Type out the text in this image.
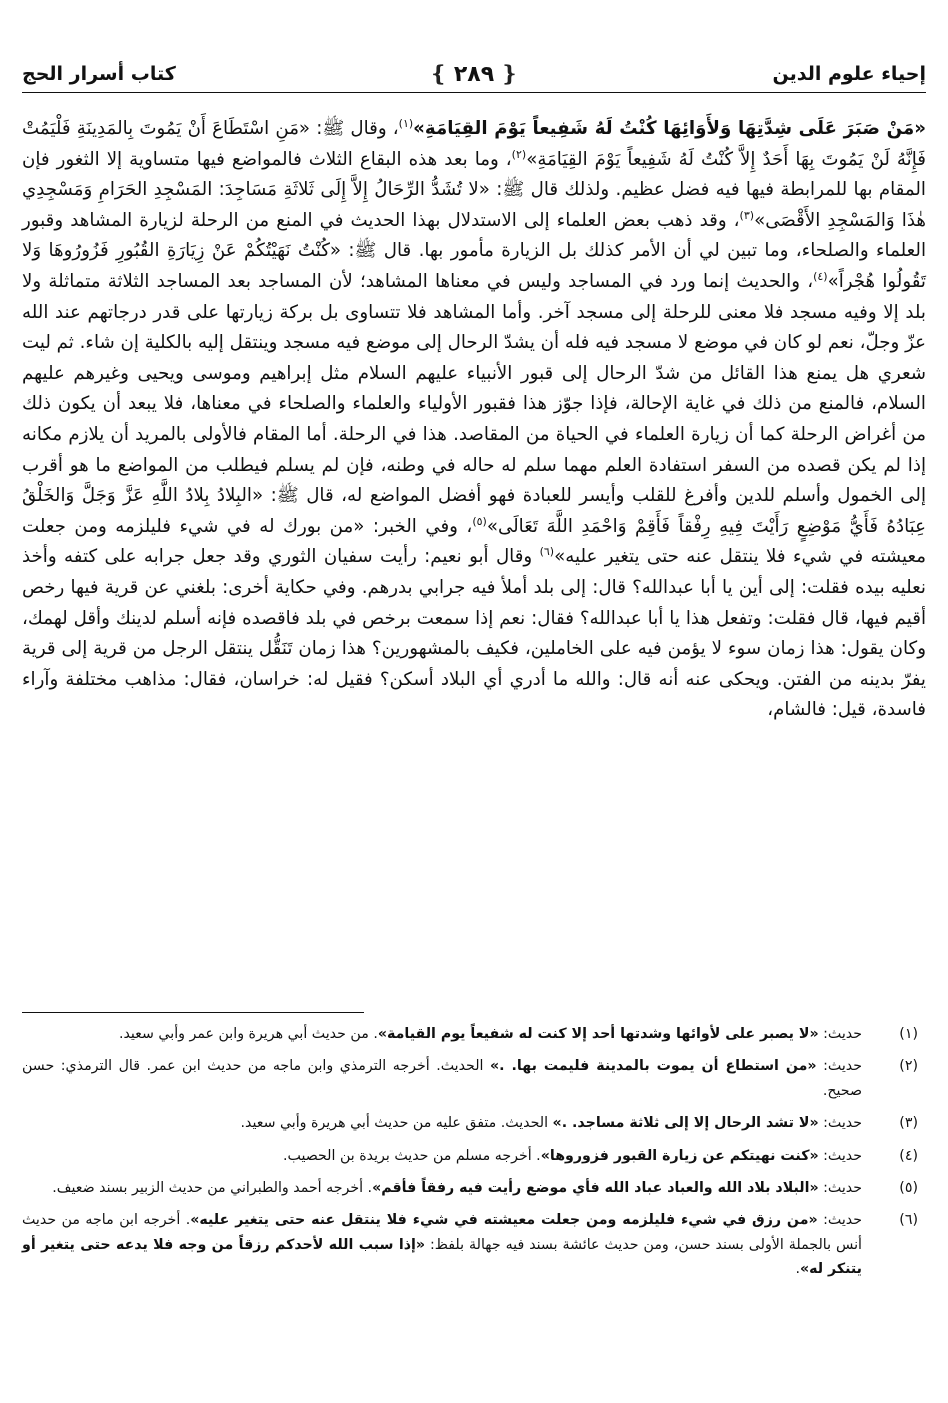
إحياء علوم الدين
❴
٢٨٩
❵
كتاب أسرار الحج
«مَنْ صَبَرَ عَلَى شِدَّتِهَا وَلأَوَائِهَا كُنْتُ لَهُ شَفِيعاً يَوْمَ القِيَامَةِ»$^{(١)}$، وقال ﷺ: «مَنِ اسْتَطَاعَ أَنْ يَمُوتَ بِالمَدِينَةِ فَلْيَمُتْ فَإِنَّهُ لَنْ يَمُوتَ بِهَا أَحَدٌ إِلاَّ كُنْتُ لَهُ شَفِيعاً يَوْمَ القِيَامَةِ»$^{(٢)}$، وما بعد هذه البقاع الثلاث فالمواضع فيها متساوية إلا الثغور فإن المقام بها للمرابطة فيها فيه فضل عظيم. ولذلك قال ﷺ: «لا تُشَدُّ الرِّحَالُ إِلاَّ إِلَى ثَلاثَةِ مَسَاجِدَ: المَسْجِدِ الحَرَامِ وَمَسْجِدِي هٰذَا وَالمَسْجِدِ الأَقْصَى»$^{(٣)}$، وقد ذهب بعض العلماء إلى الاستدلال بهذا الحديث في المنع من الرحلة لزيارة المشاهد وقبور العلماء والصلحاء، وما تبين لي أن الأمر كذلك بل الزيارة مأمور بها. قال ﷺ: «كُنْتُ نَهَيْتُكُمْ عَنْ زِيَارَةِ القُبُورِ فَزُورُوهَا وَلا تَقُولُوا هُجْراً»$^{(٤)}$، والحديث إنما ورد في المساجد وليس في معناها المشاهد؛ لأن المساجد بعد المساجد الثلاثة متماثلة ولا بلد إلا وفيه مسجد فلا معنى للرحلة إلى مسجد آخر. وأما المشاهد فلا تتساوى بل بركة زيارتها على قدر درجاتهم عند الله عزّ وجلّ، نعم لو كان في موضع لا مسجد فيه فله أن يشدّ الرحال إلى موضع فيه مسجد وينتقل إليه بالكلية إن شاء. ثم ليت شعري هل يمنع هذا القائل من شدّ الرحال إلى قبور الأنبياء عليهم السلام مثل إبراهيم وموسى ويحيى وغيرهم عليهم السلام، فالمنع من ذلك في غاية الإحالة، فإذا جوّز هذا فقبور الأولياء والعلماء والصلحاء في معناها، فلا يبعد أن يكون ذلك من أغراض الرحلة كما أن زيارة العلماء في الحياة من المقاصد. هذا في الرحلة. أما المقام فالأولى بالمريد أن يلازم مكانه إذا لم يكن قصده من السفر استفادة العلم مهما سلم له حاله في وطنه، فإن لم يسلم فيطلب من المواضع ما هو أقرب إلى الخمول وأسلم للدين وأفرغ للقلب وأيسر للعبادة فهو أفضل المواضع له، قال ﷺ: «البِلادُ بِلادُ اللَّهِ عَزَّ وَجَلَّ وَالخَلْقُ عِبَادُهُ فَأَيُّ مَوْضِعٍ رَأَيْتَ فِيهِ رِفْقاً فَأَقِمْ وَاحْمَدِ اللَّهَ تَعَالَى»$^{(٥)}$، وفي الخبر: «من بورك له في شيء فليلزمه ومن جعلت معيشته في شيء فلا ينتقل عنه حتى يتغير عليه»$^{(٦)}$ وقال أبو نعيم: رأيت سفيان الثوري وقد جعل جرابه على كتفه وأخذ نعليه بيده فقلت: إلى أين يا أبا عبدالله؟ قال: إلى بلد أملأ فيه جرابي بدرهم. وفي حكاية أخرى: بلغني عن قرية فيها رخص أقيم فيها، قال فقلت: وتفعل هذا يا أبا عبدالله؟ فقال: نعم إذا سمعت برخص في بلد فاقصده فإنه أسلم لدينك وأقل لهمك، وكان يقول: هذا زمان سوء لا يؤمن فيه على الخاملين، فكيف بالمشهورين؟ هذا زمان تَنَقُّل ينتقل الرجل من قرية إلى قرية يفرّ بدينه من الفتن. ويحكى عنه أنه قال: والله ما أدري أي البلاد أسكن؟ فقيل له: خراسان، فقال: مذاهب مختلفة وآراء فاسدة، قيل: فالشام،
(١)
حديث: «لا يصبر على لأوائها وشدتها أحد إلا كنت له شفيعاً يوم القيامة». من حديث أبي هريرة وابن عمر وأبي سعيد.
(٢)
حديث: «من استطاع أن يموت بالمدينة فليمت بها. .» الحديث. أخرجه الترمذي وابن ماجه من حديث ابن عمر. قال الترمذي: حسن صحيح.
(٣)
حديث: «لا تشد الرحال إلا إلى ثلاثة مساجد. .» الحديث. متفق عليه من حديث أبي هريرة وأبي سعيد.
(٤)
حديث: «كنت نهيتكم عن زيارة القبور فزوروها». أخرجه مسلم من حديث بريدة بن الحصيب.
(٥)
حديث: «البلاد بلاد الله والعباد عباد الله فأي موضع رأيت فيه رفقاً فأقم». أخرجه أحمد والطبراني من حديث الزبير بسند ضعيف.
(٦)
حديث: «من رزق في شيء فليلزمه ومن جعلت معيشته في شيء فلا ينتقل عنه حتى يتغير عليه». أخرجه ابن ماجه من حديث أنس بالجملة الأولى بسند حسن، ومن حديث عائشة بسند فيه جهالة بلفظ: «إذا سبب الله لأحدكم رزقاً من وجه فلا يدعه حتى يتغير أو يتنكر له».
